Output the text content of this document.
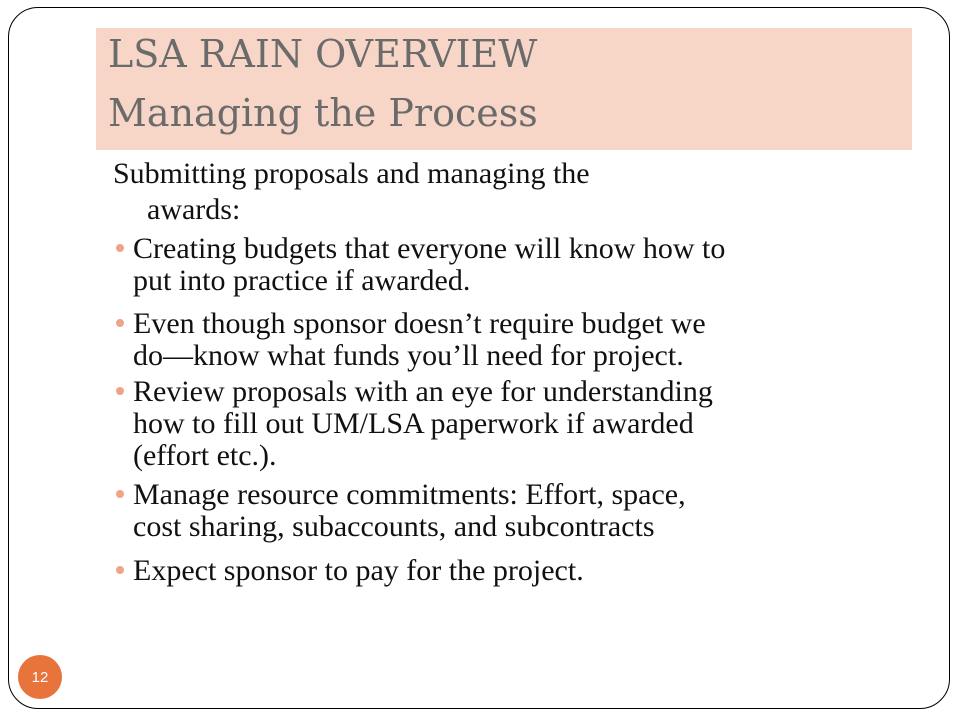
LSA RAIN OVERVIEW
Managing the Process
Submitting proposals and managing the
awards:
Creating budgets that everyone will know how to
put into practice if awarded.
Even though sponsor doesn’t require budget we
do—know what funds you’ll need for project.
Review proposals with an eye for understanding
how to fill out UM/LSA paperwork if awarded
(effort etc.).
Manage resource commitments: Effort, space,
cost sharing, subaccounts, and subcontracts
Expect sponsor to pay for the project.
12
